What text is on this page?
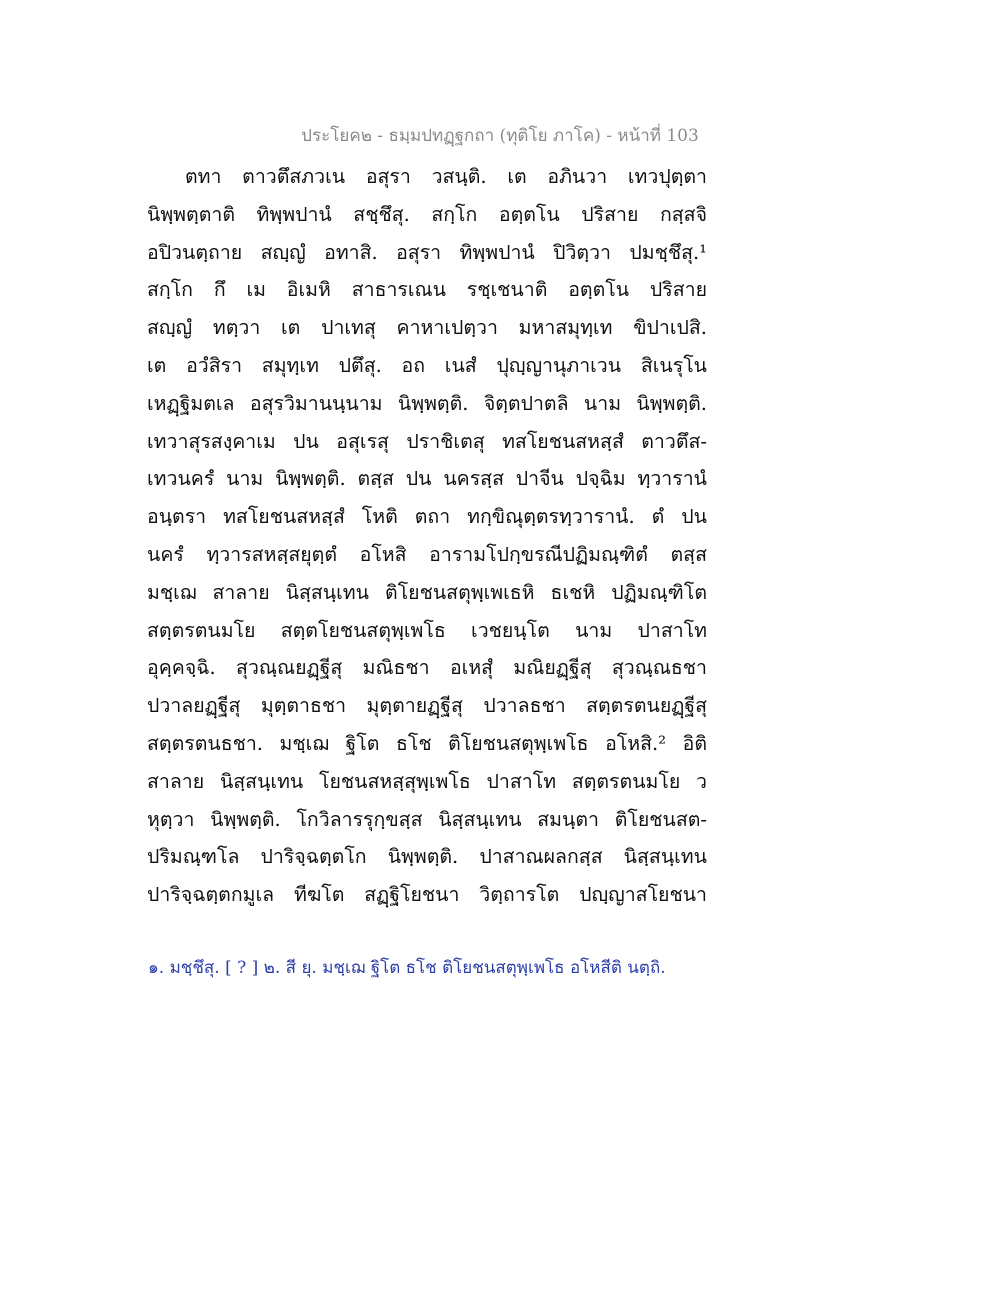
ประโยค๒ - ธมฺมปทฏฺฐกถา (ทุติโย ภาโค) - หน้าที่ 103
ตทา ตาวตึสภวเน อสุรา วสนฺติ. เต อภินวา เทวปุตฺตา
นิพฺพตฺตาติ ทิพฺพปานํ สชฺชึสุ. สกฺโก อตฺตโน ปริสาย กสฺสจิ
อปิวนตฺถาย สญฺญํ อทาสิ. อสุรา ทิพฺพปานํ ปิวิตฺวา ปมชฺชึสุ.¹
สกฺโก กึ เม อิเมหิ สาธารเณน รชฺเชนาติ อตฺตโน ปริสาย
สญฺญํ ทตฺวา เต ปาเทสุ คาหาเปตฺวา มหาสมุทฺเท ขิปาเปสิ.
เต อวํสิรา สมุทฺเท ปตึสุ. อถ เนสํ ปุญฺญานุภาเวน สิเนรุโน
เหฏฺฐิมตเล อสุรวิมานนฺนาม นิพฺพตฺติ. จิตฺตปาตลิ นาม นิพฺพตฺติ.
เทวาสุรสงฺคาเม ปน อสุเรสุ ปราชิเตสุ ทสโยชนสหสฺสํ ตาวตึส-
เทวนครํ นาม นิพฺพตฺติ. ตสฺส ปน นครสฺส ปาจีน ปจฺฉิม ทฺวารานํ
อนฺตรา ทสโยชนสหสฺสํ โหติ ตถา ทกฺขิณุตฺตรทฺวารานํ. ตํ ปน
นครํ ทฺวารสหสฺสยุตฺตํ อโหสิ อารามโปกฺขรณีปฏิมณฺฑิตํ ตสฺส
มชฺเฌ สาลาย นิสฺสนฺเทน ติโยชนสตุพฺเพเธหิ ธเชหิ ปฏิมณฺฑิโต
สตฺตรตนมโย สตฺตโยชนสตุพฺเพโธ เวชยนฺโต นาม ปาสาโท
อุคฺคจฺฉิ. สุวณฺณยฏฺฐีสุ มณิธชา อเหสุํ มณิยฏฺฐีสุ สุวณฺณธชา
ปวาลยฏฺฐีสุ มุตฺตาธชา มุตฺตายฏฺฐีสุ ปวาลธชา สตฺตรตนยฏฺฐีสุ
สตฺตรตนธชา. มชฺเฌ ฐิโต ธโช ติโยชนสตุพฺเพโธ อโหสิ.² อิติ
สาลาย นิสฺสนฺเทน โยชนสหสฺสุพฺเพโธ ปาสาโท สตฺตรตนมโย ว
หุตฺวา นิพฺพตฺติ. โกวิลารรุกฺขสฺส นิสฺสนฺเทน สมนฺตา ติโยชนสต-
ปริมณฺฑโล ปาริจฺฉตฺตโก นิพฺพตฺติ. ปาสาณผลกสฺส นิสฺสนฺเทน
ปาริจฺฉตฺตกมูเล ทีฆโต สฏฺฐิโยชนา วิตฺถารโต ปญฺญาสโยชนา
๑. มชฺชึสุ. [ ? ] ๒. สี ยุ. มชฺเฌ ฐิโต ธโช ติโยชนสตุพฺเพโธ อโหสีติ นตฺถิ.
